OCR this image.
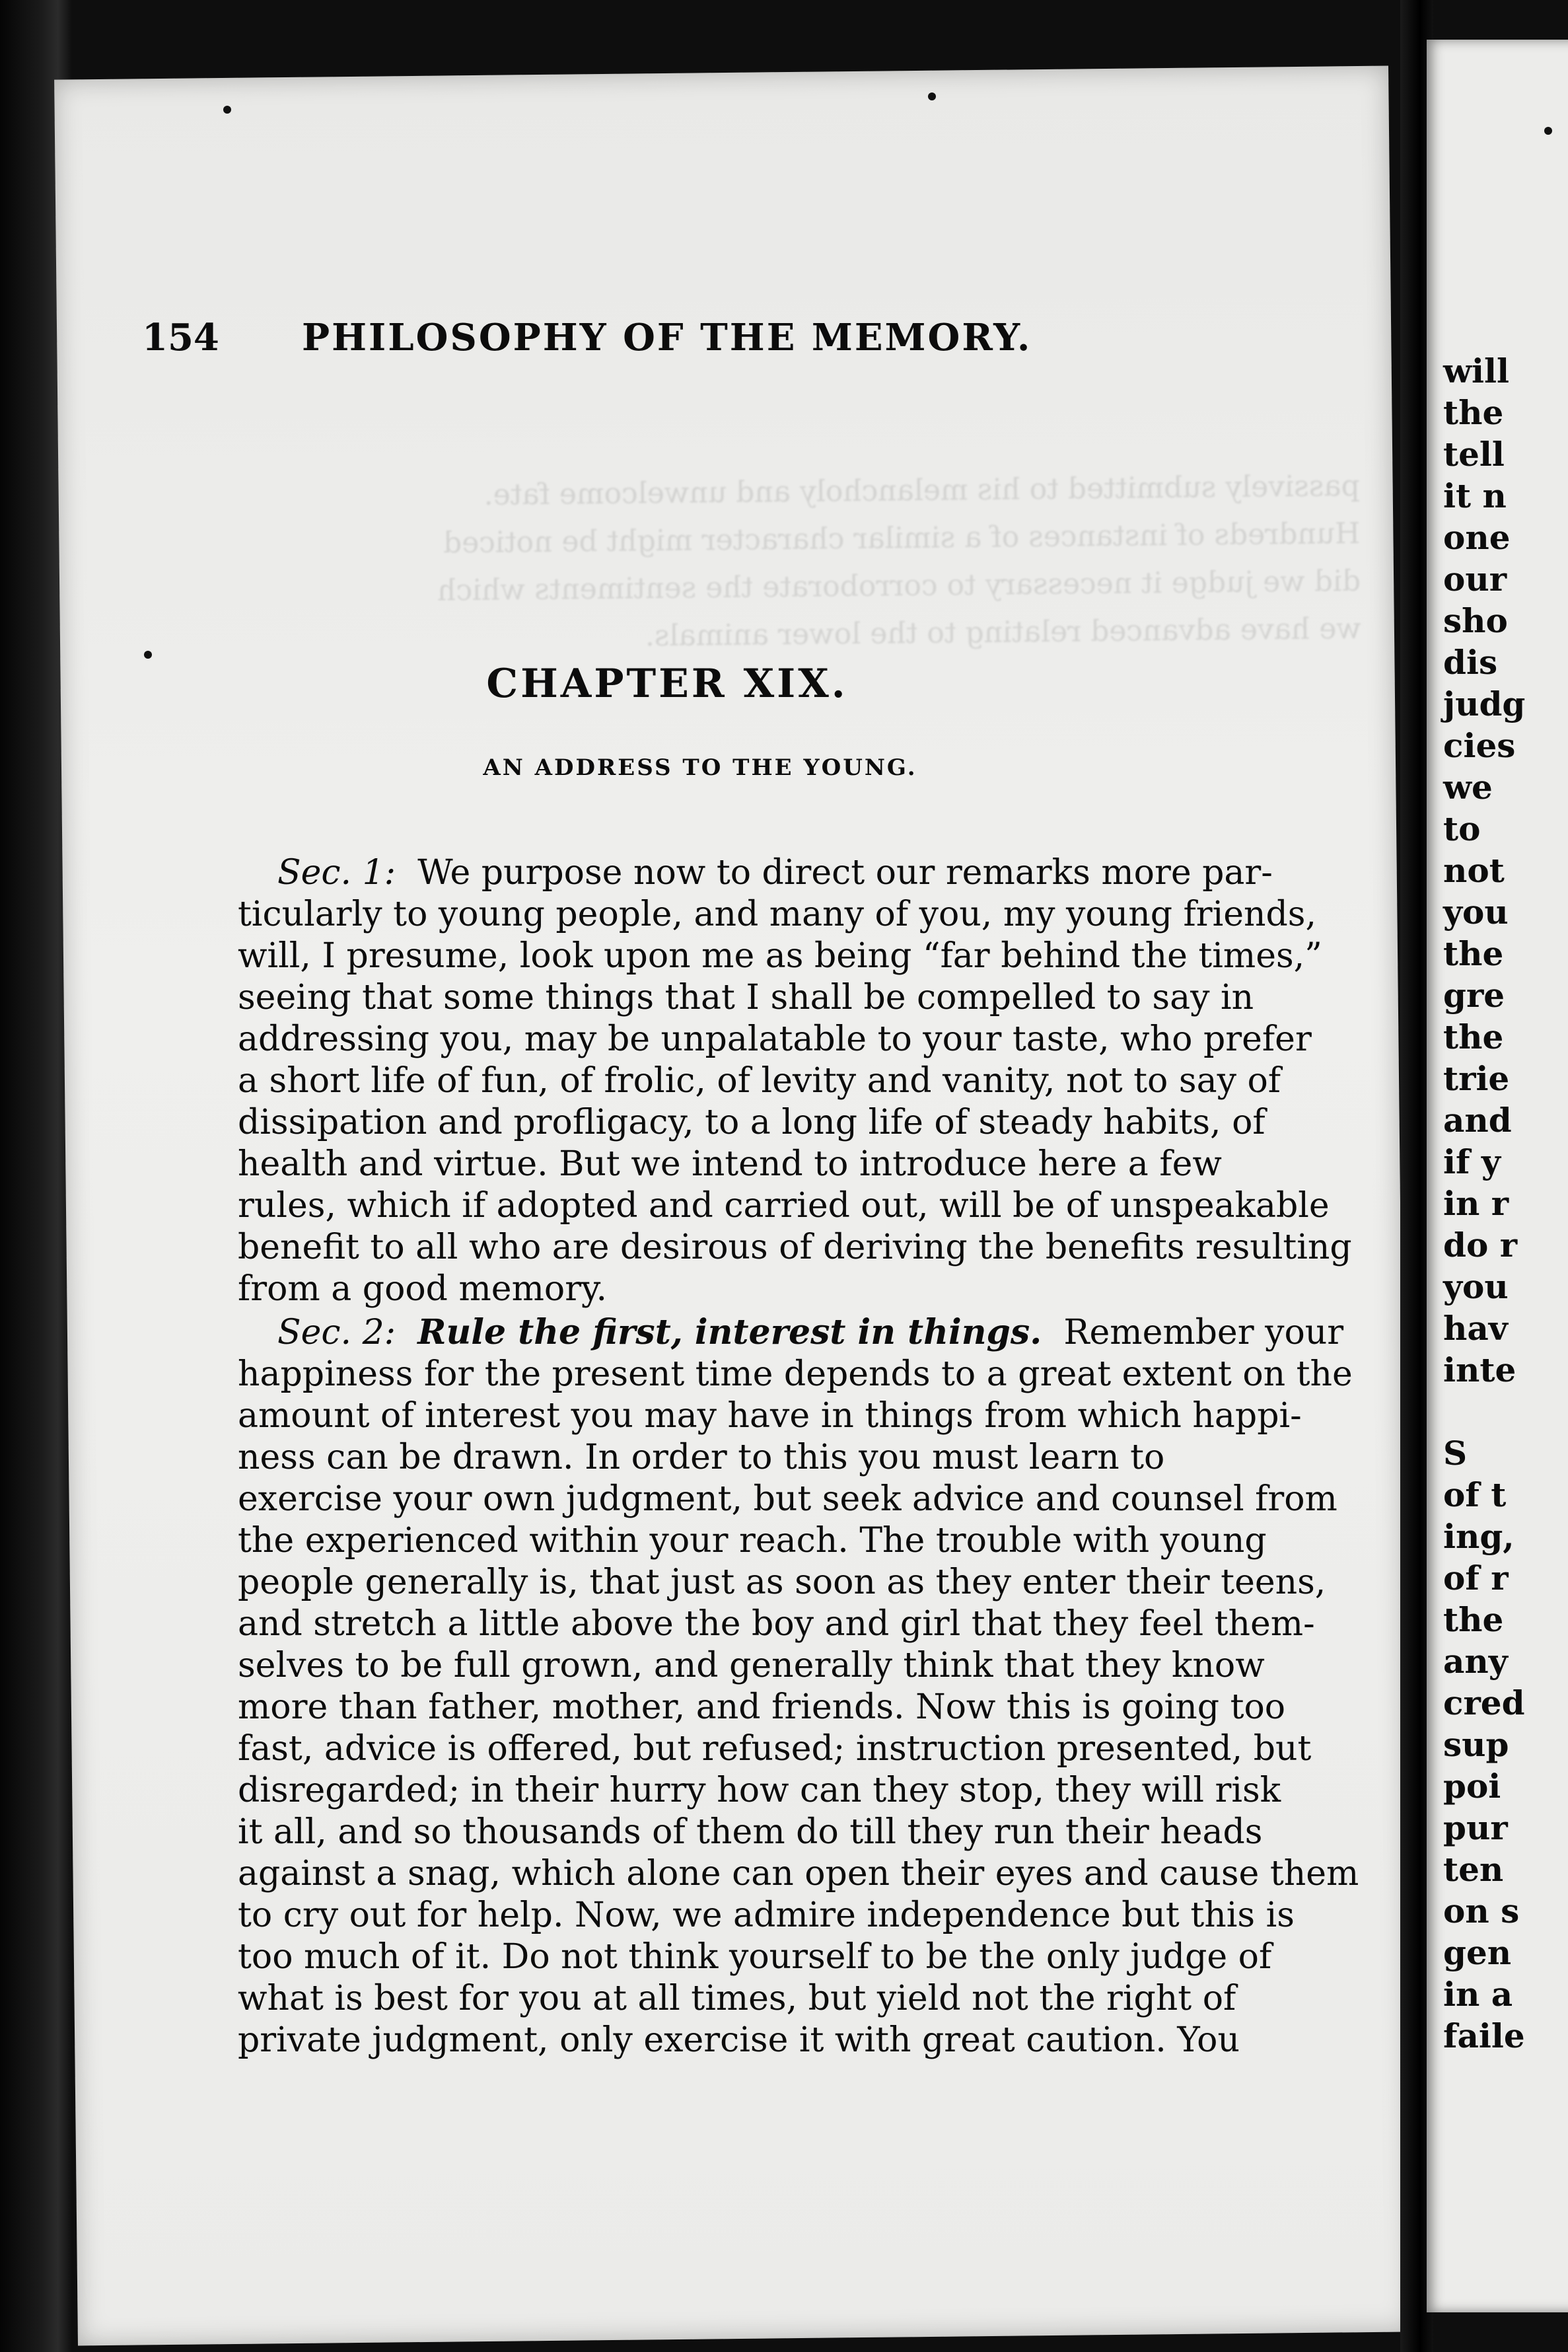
passively submitted to his melancholy and unwelcome fate.
Hundreds of instances of a similar character might be noticed
did we judge it necessary to corroborate the sentiments which
we have advanced relating to the lower animals.
154 PHILOSOPHY OF THE MEMORY.
CHAPTER XIX.
AN ADDRESS TO THE YOUNG.

Sec. 1: We purpose now to direct our remarks more par-
ticularly to young people, and many of you, my young friends,
will, I presume, look upon me as being “far behind the times,”
seeing that some things that I shall be compelled to say in
addressing you, may be unpalatable to your taste, who prefer
a short life of fun, of frolic, of levity and vanity, not to say of
dissipation and profligacy, to a long life of steady habits, of
health and virtue. But we intend to introduce here a few
rules, which if adopted and carried out, will be of unspeakable
benefit to all who are desirous of deriving the benefits resulting
from a good memory.

Sec. 2: Rule the first, interest in things. Remember your
happiness for the present time depends to a great extent on the
amount of interest you may have in things from which happi-
ness can be drawn. In order to this you must learn to
exercise your own judgment, but seek advice and counsel from
the experienced within your reach. The trouble with young
people generally is, that just as soon as they enter their teens,
and stretch a little above the boy and girl that they feel them-
selves to be full grown, and generally think that they know
more than father, mother, and friends. Now this is going too
fast, advice is offered, but refused; instruction presented, but
disregarded; in their hurry how can they stop, they will risk
it all, and so thousands of them do till they run their heads
against a snag, which alone can open their eyes and cause them
to cry out for help. Now, we admire independence but this is
too much of it. Do not think yourself to be the only judge of
what is best for you at all times, but yield not the right of
private judgment, only exercise it with great caution. You

will
the
tell
it n
one
our
sho
dis
judg
cies
we
to
not
you
the
gre
the
trie
and
if y
in r
do r
you
hav
inte

S
of t
ing,
of r
the
any
cred
sup
poi
pur
ten
on s
gen
in a
faile
